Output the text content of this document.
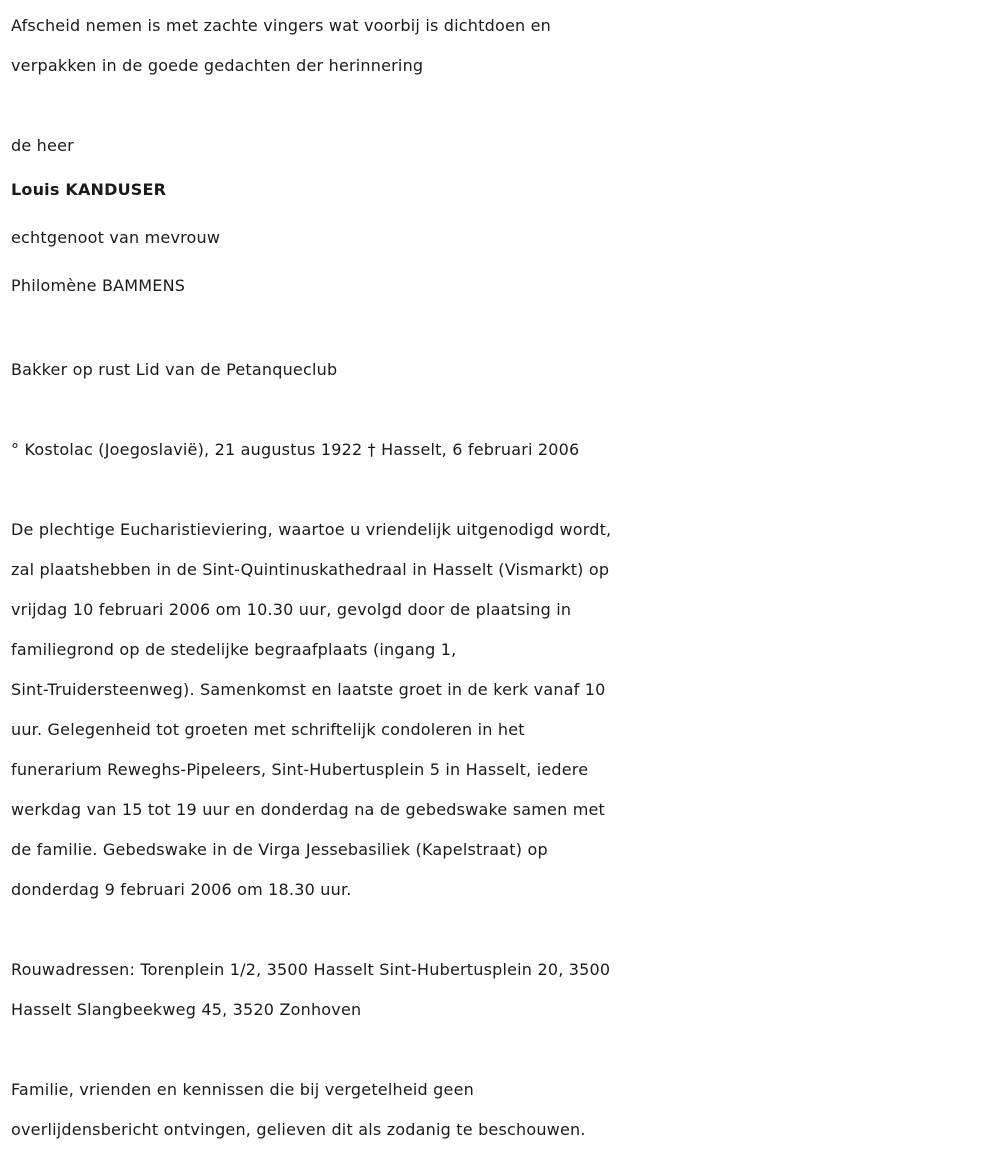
Afscheid nemen is met zachte vingers wat voorbij is dichtdoen en
verpakken in de goede gedachten der herinnering
de heer
Louis KANDUSER
echtgenoot van mevrouw
Philomène BAMMENS
Bakker op rust Lid van de Petanqueclub
° Kostolac (Joegoslavië), 21 augustus 1922 † Hasselt, 6 februari 2006
De plechtige Eucharistieviering, waartoe u vriendelijk uitgenodigd wordt,
zal plaatshebben in de Sint-Quintinuskathedraal in Hasselt (Vismarkt) op
vrijdag 10 februari 2006 om 10.30 uur, gevolgd door de plaatsing in
familiegrond op de stedelijke begraafplaats (ingang 1,
Sint-Truidersteenweg). Samenkomst en laatste groet in de kerk vanaf 10
uur. Gelegenheid tot groeten met schriftelijk condoleren in het
funerarium Reweghs-Pipeleers, Sint-Hubertusplein 5 in Hasselt, iedere
werkdag van 15 tot 19 uur en donderdag na de gebedswake samen met
de familie. Gebedswake in de Virga Jessebasiliek (Kapelstraat) op
donderdag 9 februari 2006 om 18.30 uur.
Rouwadressen: Torenplein 1/2, 3500 Hasselt Sint-Hubertusplein 20, 3500
Hasselt Slangbeekweg 45, 3520 Zonhoven
Familie, vrienden en kennissen die bij vergetelheid geen
overlijdensbericht ontvingen, gelieven dit als zodanig te beschouwen.
